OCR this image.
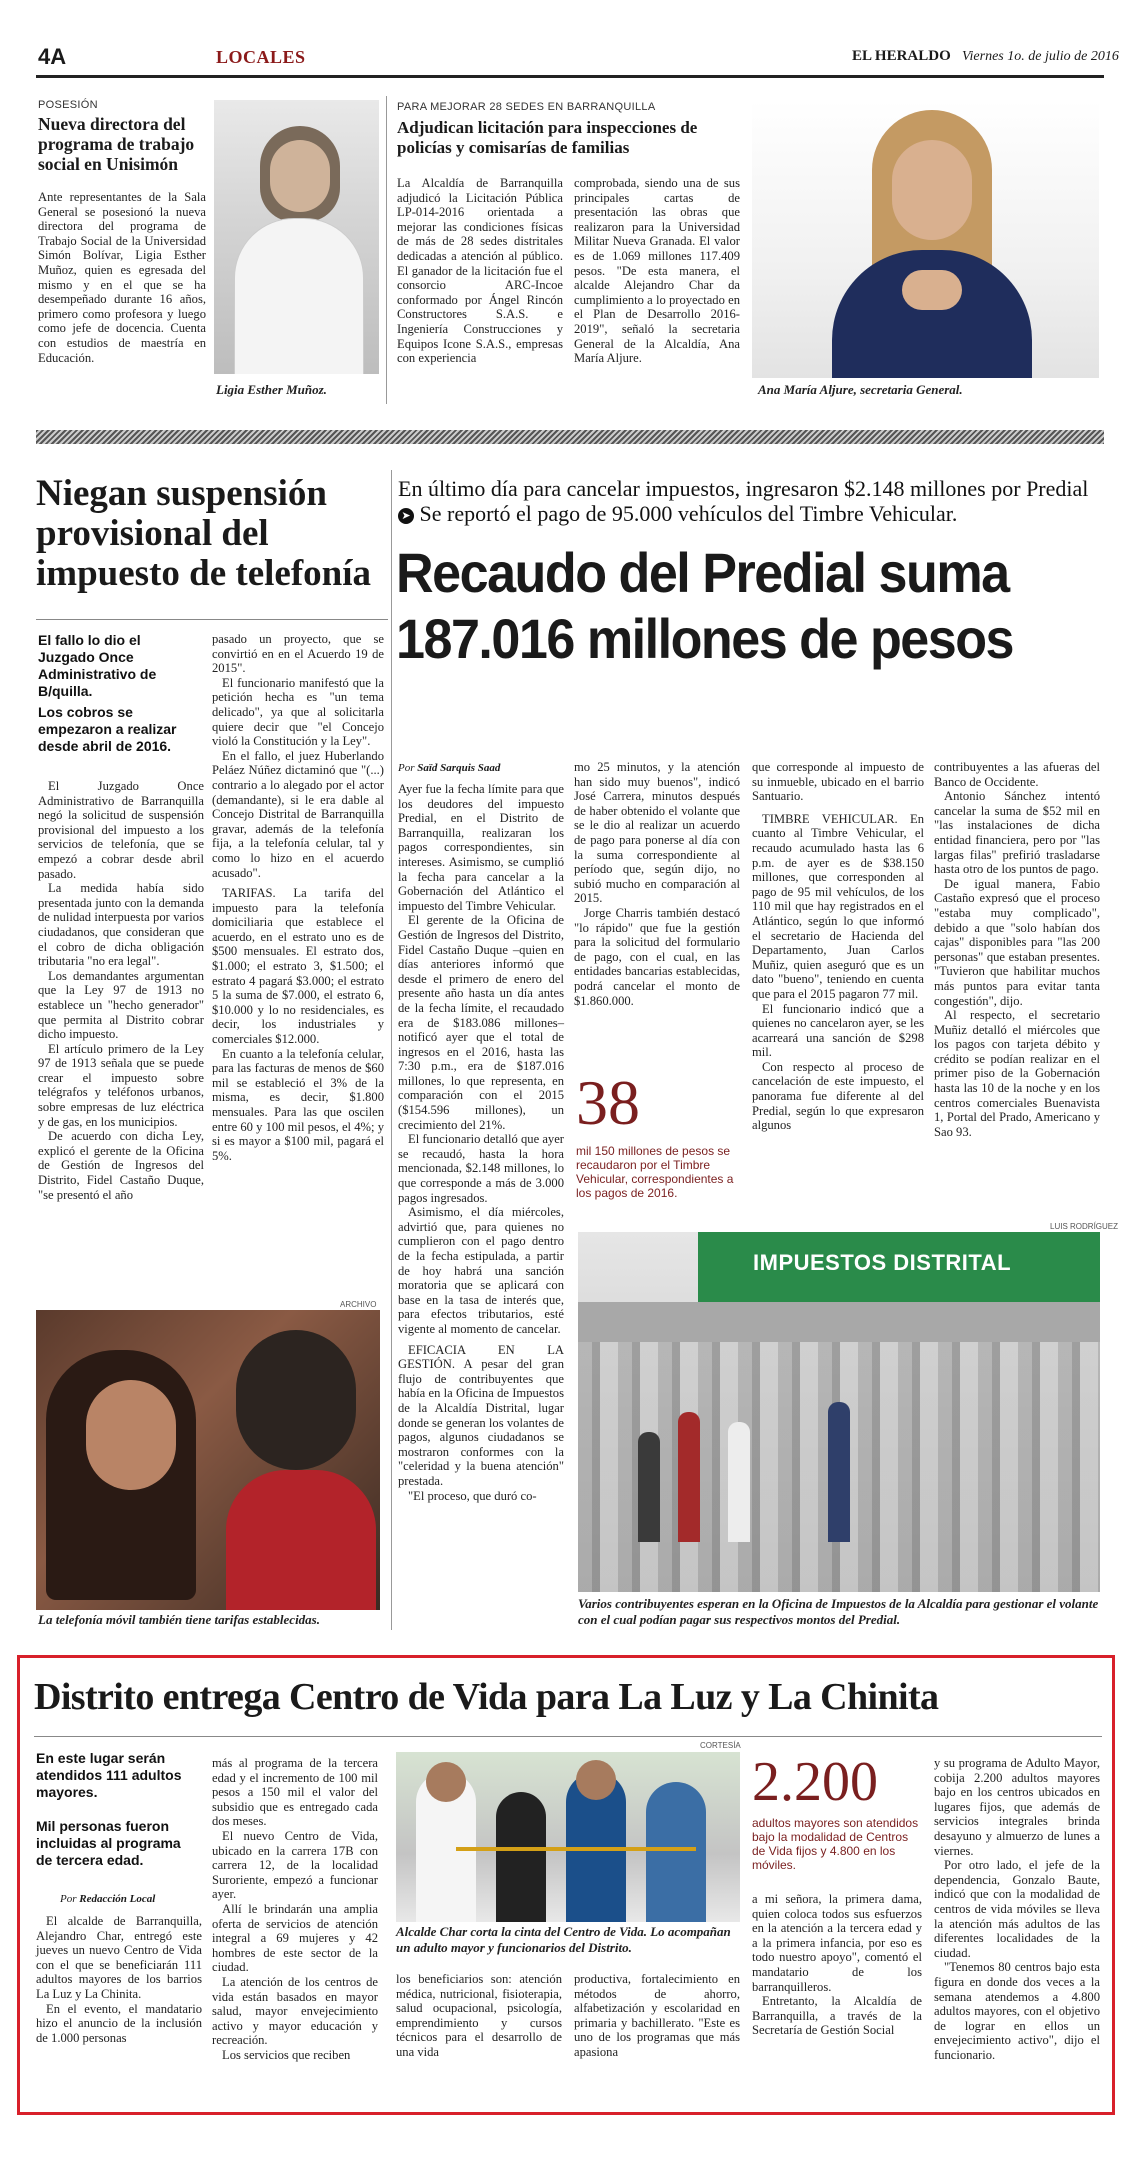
4A	LOCALES	EL HERALDO Viernes 1o. de julio de 2016
POSESIÓN
Nueva directora del programa de trabajo social en Unisimón
Ante representantes de la Sala General se posesionó la nueva directora del programa de Trabajo Social de la Universidad Simón Bolívar, Ligia Esther Muñoz, quien es egresada del mismo y en el que se ha desempeñado durante 16 años, primero como profesora y luego como jefe de docencia. Cuenta con estudios de maestría en Educación.
Ligia Esther Muñoz.
PARA MEJORAR 28 SEDES EN BARRANQUILLA
Adjudican licitación para inspecciones de policías y comisarías de familias
La Alcaldía de Barranquilla adjudicó la Licitación Pública LP-014-2016 orientada a mejorar las condiciones físicas de más de 28 sedes distritales dedicadas a atención al público. El ganador de la licitación fue el consorcio ARC-Incoe conformado por Ángel Rincón Constructores S.A.S. e Ingeniería Construcciones y Equipos Icone S.A.S., empresas con experiencia
comprobada, siendo una de sus principales cartas de presentación las obras que realizaron para la Universidad Militar Nueva Granada. El valor es de 1.069 millones 117.409 pesos. "De esta manera, el alcalde Alejandro Char da cumplimiento a lo proyectado en el Plan de Desarrollo 2016-2019", señaló la secretaria General de la Alcaldía, Ana María Aljure.
Ana María Aljure, secretaria General.
Niegan suspensión provisional del impuesto de telefonía
El fallo lo dio el Juzgado Once Administrativo de B/quilla.
Los cobros se empezaron a realizar desde abril de 2016.

El Juzgado Once Administrativo de Barranquilla negó la solicitud de suspensión provisional del impuesto a los servicios de telefonía, que se empezó a cobrar desde abril pasado.

La medida había sido presentada junto con la demanda de nulidad interpuesta por varios ciudadanos, que consideran que el cobro de dicha obligación tributaria "no era legal".

Los demandantes argumentan que la Ley 97 de 1913 no establece un "hecho generador" que permita al Distrito cobrar dicho impuesto.

El artículo primero de la Ley 97 de 1913 señala que se puede crear el impuesto sobre telégrafos y teléfonos urbanos, sobre empresas de luz eléctrica y de gas, en los municipios.

De acuerdo con dicha Ley, explicó el gerente de la Oficina de Gestión de Ingresos del Distrito, Fidel Castaño Duque, "se presentó el año

pasado un proyecto, que se convirtió en en el Acuerdo 19 de 2015".

El funcionario manifestó que la petición hecha es "un tema delicado", ya que al solicitarla quiere decir que "el Concejo violó la Constitución y la Ley".

En el fallo, el juez Huberlando Peláez Núñez dictaminó que "(...) contrario a lo alegado por el actor (demandante), si le era dable al Concejo Distrital de Barranquilla gravar, además de la telefonía fija, a la telefonía celular, tal y como lo hizo en el acuerdo acusado".

TARIFAS. La tarifa del impuesto para la telefonía domiciliaria que establece el acuerdo, en el estrato uno es de $500 mensuales. El estrato dos, $1.000; el estrato 3, $1.500; el estrato 4 pagará $3.000; el estrato 5 la suma de $7.000, el estrato 6, $10.000 y lo no residenciales, es decir, los industriales y comerciales $12.000.

En cuanto a la telefonía celular, para las facturas de menos de $60 mil se estableció el 3% de la misma, es decir, $1.800 mensuales. Para las que oscilen entre 60 y 100 mil pesos, el 4%; y si es mayor a $100 mil, pagará el 5%.

ARCHIVO
La telefonía móvil también tiene tarifas establecidas.
En último día para cancelar impuestos, ingresaron $2.148 millones por Predial ➤ Se reportó el pago de 95.000 vehículos del Timbre Vehicular.
Recaudo del Predial suma
187.016 millones de pesos
Por Saïd Sarquis Saad

Ayer fue la fecha límite para que los deudores del impuesto Predial, en el Distrito de Barranquilla, realizaran los pagos correspondientes, sin intereses. Asimismo, se cumplió la fecha para cancelar a la Gobernación del Atlántico el impuesto del Timbre Vehicular.

El gerente de la Oficina de Gestión de Ingresos del Distrito, Fidel Castaño Duque –quien en días anteriores informó que desde el primero de enero del presente año hasta un día antes de la fecha límite, el recaudado era de $183.086 millones– notificó ayer que el total de ingresos en el 2016, hasta las 7:30 p.m., era de $187.016 millones, lo que representa, en comparación con el 2015 ($154.596 millones), un crecimiento del 21%.

El funcionario detalló que ayer se recaudó, hasta la hora mencionada, $2.148 millones, lo que corresponde a más de 3.000 pagos ingresados.

Asimismo, el día miércoles, advirtió que, para quienes no cumplieron con el pago dentro de la fecha estipulada, a partir de hoy habrá una sanción moratoria que se aplicará con base en la tasa de interés que, para efectos tributarios, esté vigente al momento de cancelar.

EFICACIA EN LA GESTIÓN. A pesar del gran flujo de contribuyentes que había en la Oficina de Impuestos de la Alcaldía Distrital, lugar donde se generan los volantes de pagos, algunos ciudadanos se mostraron conformes con la "celeridad y la buena atención" prestada.

"El proceso, que duró co-

mo 25 minutos, y la atención han sido muy buenos", indicó José Carrera, minutos después de haber obtenido el volante que se le dio al realizar un acuerdo de pago para ponerse al día con la suma correspondiente al período que, según dijo, no subió mucho en comparación al 2015.

Jorge Charris también destacó "lo rápido" que fue la gestión para la solicitud del formulario de pago, con el cual, en las entidades bancarias establecidas, podrá cancelar el monto de $1.860.000.

que corresponde al impuesto de su inmueble, ubicado en el barrio Santuario.

TIMBRE VEHICULAR. En cuanto al Timbre Vehicular, el recaudo acumulado hasta las 6 p.m. de ayer es de $38.150 millones, que corresponden al pago de 95 mil vehículos, de los 110 mil que hay registrados en el Atlántico, según lo que informó el secretario de Hacienda del Departamento, Juan Carlos Muñiz, quien aseguró que es un dato "bueno", teniendo en cuenta que para el 2015 pagaron 77 mil.

El funcionario indicó que a quienes no cancelaron ayer, se les acarreará una sanción de $298 mil.

Con respecto al proceso de cancelación de este impuesto, el panorama fue diferente al del Predial, según lo que expresaron algunos

contribuyentes a las afueras del Banco de Occidente.

Antonio Sánchez intentó cancelar la suma de $52 mil en "las instalaciones de dicha entidad financiera, pero por "las largas filas" prefirió trasladarse hasta otro de los puntos de pago.

De igual manera, Fabio Castaño expresó que el proceso "estaba muy complicado", debido a que "solo habían dos cajas" disponibles para "las 200 personas" que estaban presentes. "Tuvieron que habilitar muchos más puntos para evitar tanta congestión", dijo.

Al respecto, el secretario Muñiz detalló el miércoles que los pagos con tarjeta débito y crédito se podían realizar en el primer piso de la Gobernación hasta las 10 de la noche y en los centros comerciales Buenavista 1, Portal del Prado, Americano y Sao 93.

38
mil 150 millones de pesos se recaudaron por el Timbre Vehicular, correspondientes a los pagos de 2016.
LUIS RODRÍGUEZ
IMPUESTOS DISTRITAL
Varios contribuyentes esperan en la Oficina de Impuestos de la Alcaldía para gestionar el volante con el cual podían pagar sus respectivos montos del Predial.
Distrito entrega Centro de Vida para La Luz y La Chinita
En este lugar serán atendidos 111 adultos mayores.
Mil personas fueron incluidas al programa de tercera edad.
Por Redacción Local

El alcalde de Barranquilla, Alejandro Char, entregó este jueves un nuevo Centro de Vida con el que se beneficiarán 111 adultos mayores de los barrios La Luz y La Chinita.

En el evento, el mandatario hizo el anuncio de la inclusión de 1.000 personas

más al programa de la tercera edad y el incremento de 100 mil pesos a 150 mil el valor del subsidio que es entregado cada dos meses.

El nuevo Centro de Vida, ubicado en la carrera 17B con carrera 12, de la localidad Suroriente, empezó a funcionar ayer.

Allí le brindarán una amplia oferta de servicios de atención integral a 69 mujeres y 42 hombres de este sector de la ciudad.

La atención de los centros de vida están basados en mayor salud, mayor envejecimiento activo y mayor educación y recreación.

Los servicios que reciben

CORTESÍA
Alcalde Char corta la cinta del Centro de Vida. Lo acompañan un adulto mayor y funcionarios del Distrito.
los beneficiarios son: atención médica, nutricional, fisioterapia, salud ocupacional, psicología, emprendimiento y cursos técnicos para el desarrollo de una vida
productiva, fortalecimiento en métodos de ahorro, alfabetización y escolaridad en primaria y bachillerato. "Este es uno de los programas que más apasiona
2.200
adultos mayores son atendidos bajo la modalidad de Centros de Vida fijos y 4.800 en los móviles.

a mi señora, la primera dama, quien coloca todos sus esfuerzos en la atención a la tercera edad y a la primera infancia, por eso es todo nuestro apoyo", comentó el mandatario de los barranquilleros.

Entretanto, la Alcaldía de Barranquilla, a través de la Secretaría de Gestión Social

y su programa de Adulto Mayor, cobija 2.200 adultos mayores bajo en los centros ubicados en lugares fijos, que además de servicios integrales brinda desayuno y almuerzo de lunes a viernes.

Por otro lado, el jefe de la dependencia, Gonzalo Baute, indicó que con la modalidad de centros de vida móviles se lleva la atención más adultos de las diferentes localidades de la ciudad.

"Tenemos 80 centros bajo esta figura en donde dos veces a la semana atendemos a 4.800 adultos mayores, con el objetivo de lograr en ellos un envejecimiento activo", dijo el funcionario.
